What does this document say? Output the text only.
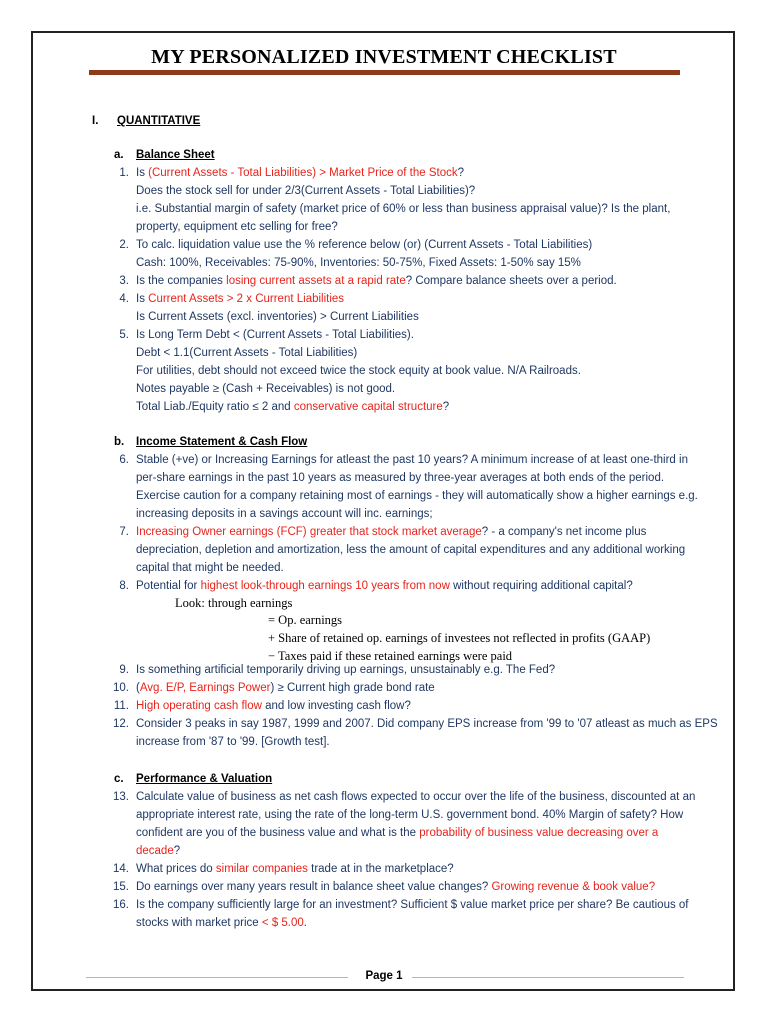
MY PERSONALIZED INVESTMENT CHECKLIST
I. QUANTITATIVE
a. Balance Sheet
b. Income Statement & Cash Flow
c. Performance & Valuation
1. Is (Current Assets - Total Liabilities) > Market Price of the Stock?
Does the stock sell for under 2/3(Current Assets - Total Liabilities)?
i.e. Substantial margin of safety (market price of 60% or less than business appraisal value)? Is the plant,
property, equipment etc selling for free?
2. To calc. liquidation value use the % reference below (or) (Current Assets - Total Liabilities)
Cash: 100%, Receivables: 75-90%, Inventories: 50-75%, Fixed Assets: 1-50% say 15%
3. Is the companies losing current assets at a rapid rate? Compare balance sheets over a period.
4. Is Current Assets > 2 x Current Liabilities
Is Current Assets (excl. inventories) > Current Liabilities
5. Is Long Term Debt < (Current Assets - Total Liabilities).
Debt < 1.1(Current Assets - Total Liabilities)
For utilities, debt should not exceed twice the stock equity at book value. N/A Railroads.
Notes payable ≥ (Cash + Receivables) is not good.
Total Liab./Equity ratio ≤ 2 and conservative capital structure?
6. Stable (+ve) or Increasing Earnings for atleast the past 10 years? A minimum increase of at least one-third in
per-share earnings in the past 10 years as measured by three-year averages at both ends of the period.
Exercise caution for a company retaining most of earnings - they will automatically show a higher earnings e.g.
increasing deposits in a savings account will inc. earnings;
7. Increasing Owner earnings (FCF) greater that stock market average? - a company's net income plus
depreciation, depletion and amortization, less the amount of capital expenditures and any additional working
capital that might be needed.
8. Potential for highest look-through earnings 10 years from now without requiring additional capital?
9. Is something artificial temporarily driving up earnings, unsustainably e.g. The Fed?
10. (Avg. E/P, Earnings Power) ≥ Current high grade bond rate
11. High operating cash flow and low investing cash flow?
12. Consider 3 peaks in say 1987, 1999 and 2007. Did company EPS increase from '99 to '07 atleast as much as EPS
increase from '87 to '99. [Growth test].
13. Calculate value of business as net cash flows expected to occur over the life of the business, discounted at an
appropriate interest rate, using the rate of the long-term U.S. government bond. 40% Margin of safety? How
confident are you of the business value and what is the probability of business value decreasing over a
decade?
14. What prices do similar companies trade at in the marketplace?
15. Do earnings over many years result in balance sheet value changes? Growing revenue & book value?
16. Is the company sufficiently large for an investment? Sufficient $ value market price per share? Be cautious of
stocks with market price < $ 5.00.
Look: through earnings
= Op. earnings
+ Share of retained op. earnings of investees not reflected in profits (GAAP)
− Taxes paid if these retained earnings were paid
Page 1
